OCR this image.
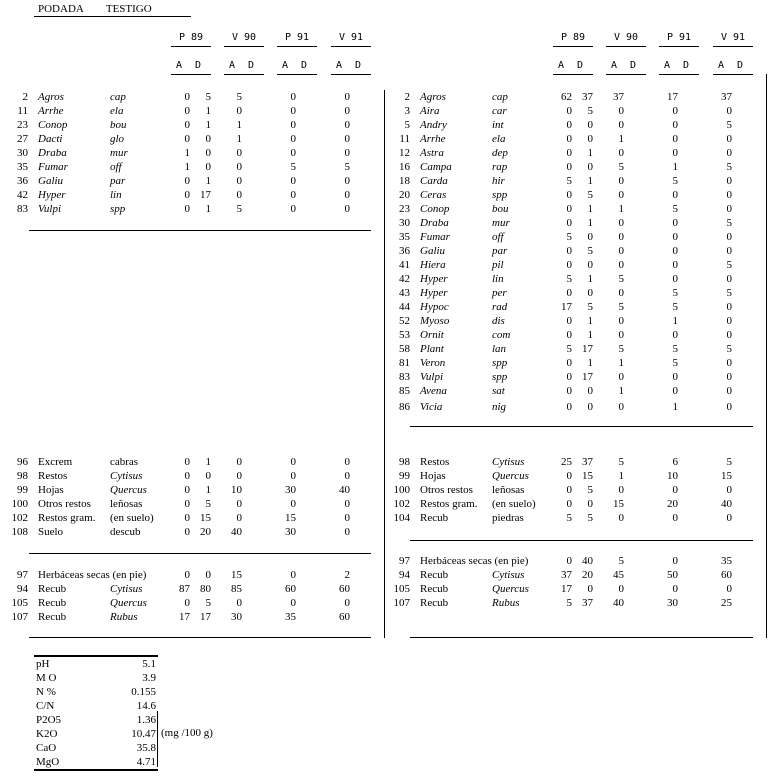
PODADA TESTIGO
P 89
A D
V 90
A D
P 91
A D
V 91
A D
2 Agros	cap	0	5	5	0	0
11 Arrhe	ela	0	1	0	0	0
23 Conop	bou	0	1	1	0	0
27 Dacti	glo	0	0	1	0	0
30 Draba	mur	1	0	0	0	0
35 Fumar	off	1	0	0	5	5
36 Galiu	par	0	1	0	0	0
42 Hyper	lin	0 17	0	0	0
83 Vulpi	spp	0	1	5	0	0
96 Excrem	cabras	0	1	0	0	0
98 Restos	Cytisus	0	0	0	0	0
99 Hojas	Quercus	0	1	10	30	40
100 Otros restos leñosas	0	5	0	0	0
102 Restos gram. (en suelo)	0 15	0	15	0
108 Suelo	descub	0 20	40	30	0
97 Herbáceas secas (en pie)	0	0	15	0	2
94 Recub	Cytisus	87 80	85	60	60
105 Recub	Quercus	0	5	0	0	0
107 Recub	Rubus	17 17	30	35	60
P 89
A D
V 90
A D
P 91
A D
V 91
A D
2 Agros	cap	62 37	37	17	37
3 Aira	car	0	5	0	0	0
5 Andry	int	0	0	0	0	5
11 Arrhe	ela	0	0	1	0	0
12 Astra	dep	0	1	0	0	0
16 Campa	rap	0	0	5	1	5
18 Carda	hir	5	1	0	5	0
20 Ceras	spp	0	5	0	0	0
23 Conop	bou	0	1	1	5	0
30 Draba	mur	0	1	0	0	5
35 Fumar	off	5	0	0	0	0
36 Galiu	par	0	5	0	0	0
41 Hiera	pil	0	0	0	0	5
42 Hyper	lin	5	1	5	0	0
43 Hyper	per	0	0	0	5	5
44 Hypoc	rad	17	5	5	5	0
52 Myoso	dis	0	1	0	1	0
53 Ornit	com	0	1	0	0	0
58 Plant	lan	5 17	5	5	5
81 Veron	spp	0	1	1	5	0
83 Vulpi	spp	0 17	0	0	0
85 Avena	sat	0	0	1	0	0
86 Vicia	nig	0	0	0	1	0
98 Restos	Cytisus	25 37	5	6	5
99 Hojas	Quercus	0 15	1	10	15
100 Otros restos leñosas	0	5	0	0	0
102 Restos gram. (en suelo)	0	0	15	20	40
104 Recub	piedras	5	5	0	0	0
97 Herbáceas secas (en pie)	0 40	5	0	35
94 Recub	Cytisus	37 20	45	50	60
105 Recub	Quercus	17	0	0	0	0
107 Recub	Rubus	5 37	40	30	25
pH	5.1
M O	3.9
N %	0.155
C/N	14.6
P2O5	1.36
K2O	10.47
CaO	35.8
MgO	4.71
(mg /100 g)
